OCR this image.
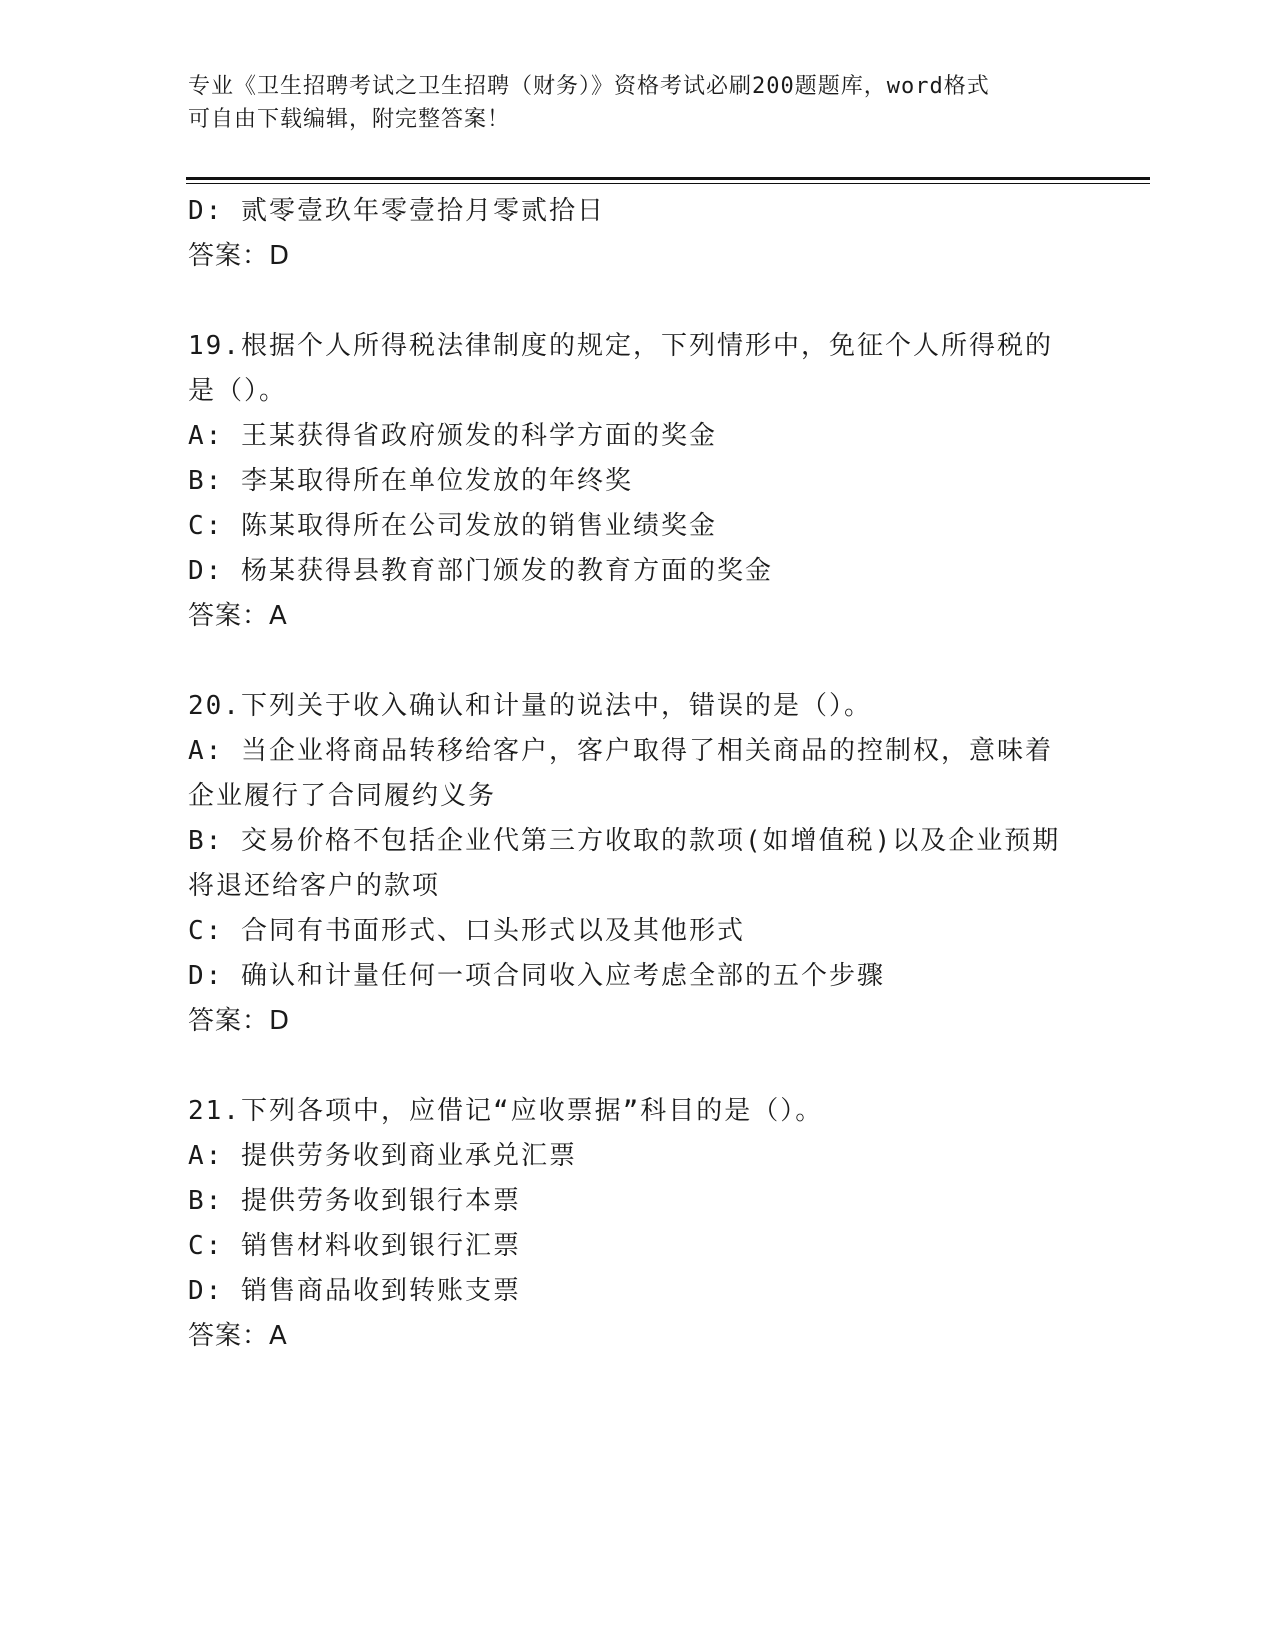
专业《卫生招聘考试之卫生招聘（财务）》资格考试必刷200题题库，word格式
可自由下载编辑，附完整答案！
D: 贰零壹玖年零壹拾月零贰拾日
答案：D
19.根据个人所得税法律制度的规定，下列情形中，免征个人所得税的
是（）。
A: 王某获得省政府颁发的科学方面的奖金
B: 李某取得所在单位发放的年终奖
C: 陈某取得所在公司发放的销售业绩奖金
D: 杨某获得县教育部门颁发的教育方面的奖金
答案：A
20.下列关于收入确认和计量的说法中，错误的是（）。
A: 当企业将商品转移给客户，客户取得了相关商品的控制权，意味着
企业履行了合同履约义务
B: 交易价格不包括企业代第三方收取的款项(如增值税)以及企业预期
将退还给客户的款项
C: 合同有书面形式、口头形式以及其他形式
D: 确认和计量任何一项合同收入应考虑全部的五个步骤
答案：D
21.下列各项中，应借记“应收票据”科目的是（）。
A: 提供劳务收到商业承兑汇票
B: 提供劳务收到银行本票
C: 销售材料收到银行汇票
D: 销售商品收到转账支票
答案：A
